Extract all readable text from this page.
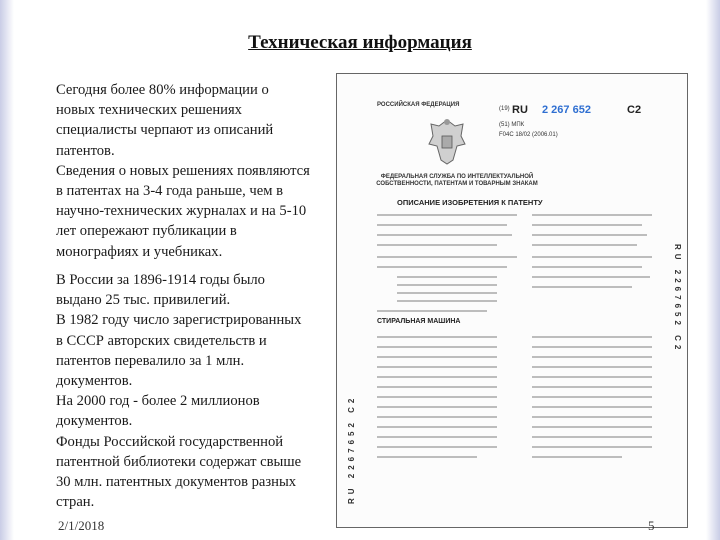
Техническая информация
Сегодня более 80% информации о
новых технических решениях
специалисты черпают из описаний
патентов.
Сведения о новых решениях появляются
в патентах на 3-4 года раньше, чем в
научно-технических журналах и на 5-10
лет опережают публикации в
монографиях и учебниках.
В России за 1896-1914 годы было
выдано 25 тыс. привилегий.
В 1982 году число зарегистрированных
в СССР авторских свидетельств и
патентов перевалило за 1 млн.
документов.
На 2000 год - более 2 миллионов
документов.
Фонды Российской государственной
патентной библиотеки содержат свыше
30 млн. патентных документов разных
стран.
РОССИЙСКАЯ ФЕДЕРАЦИЯ
(19) RU 2 267 652	C2
(51) МПК
F04C 18/02 (2006.01)
ФЕДЕРАЛЬНАЯ СЛУЖБА ПО ИНТЕЛЛЕКТУАЛЬНОЙ СОБСТВЕННОСТИ, ПАТЕНТАМ И ТОВАРНЫМ ЗНАКАМ
ОПИСАНИЕ ИЗОБРЕТЕНИЯ К ПАТЕНТУ
СТИРАЛЬНАЯ МАШИНА
RU 2267652 C2
RU 2267652 C2
2/1/2018	5
